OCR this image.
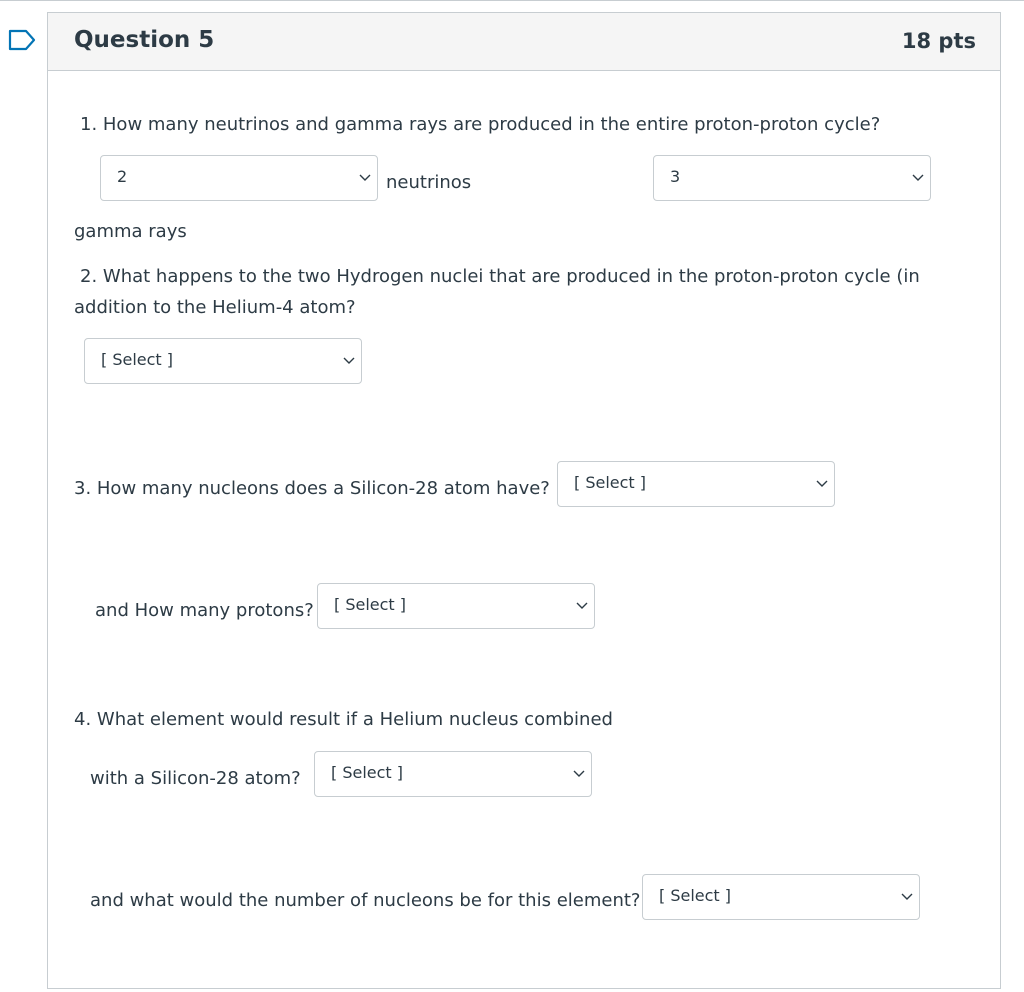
Question 5	18 pts
1. How many neutrinos and gamma rays are produced in the entire proton-proton cycle?
2	neutrinos	3
gamma rays
2. What happens to the two Hydrogen nuclei that are produced in the proton-proton cycle (in
addition to the Helium-4 atom?
[ Select ]
3. How many nucleons does a Silicon-28 atom have? [ Select ]
and How many protons? [ Select ]
4. What element would result if a Helium nucleus combined
with a Silicon-28 atom? [ Select ]
and what would the number of nucleons be for this element? [ Select ]
